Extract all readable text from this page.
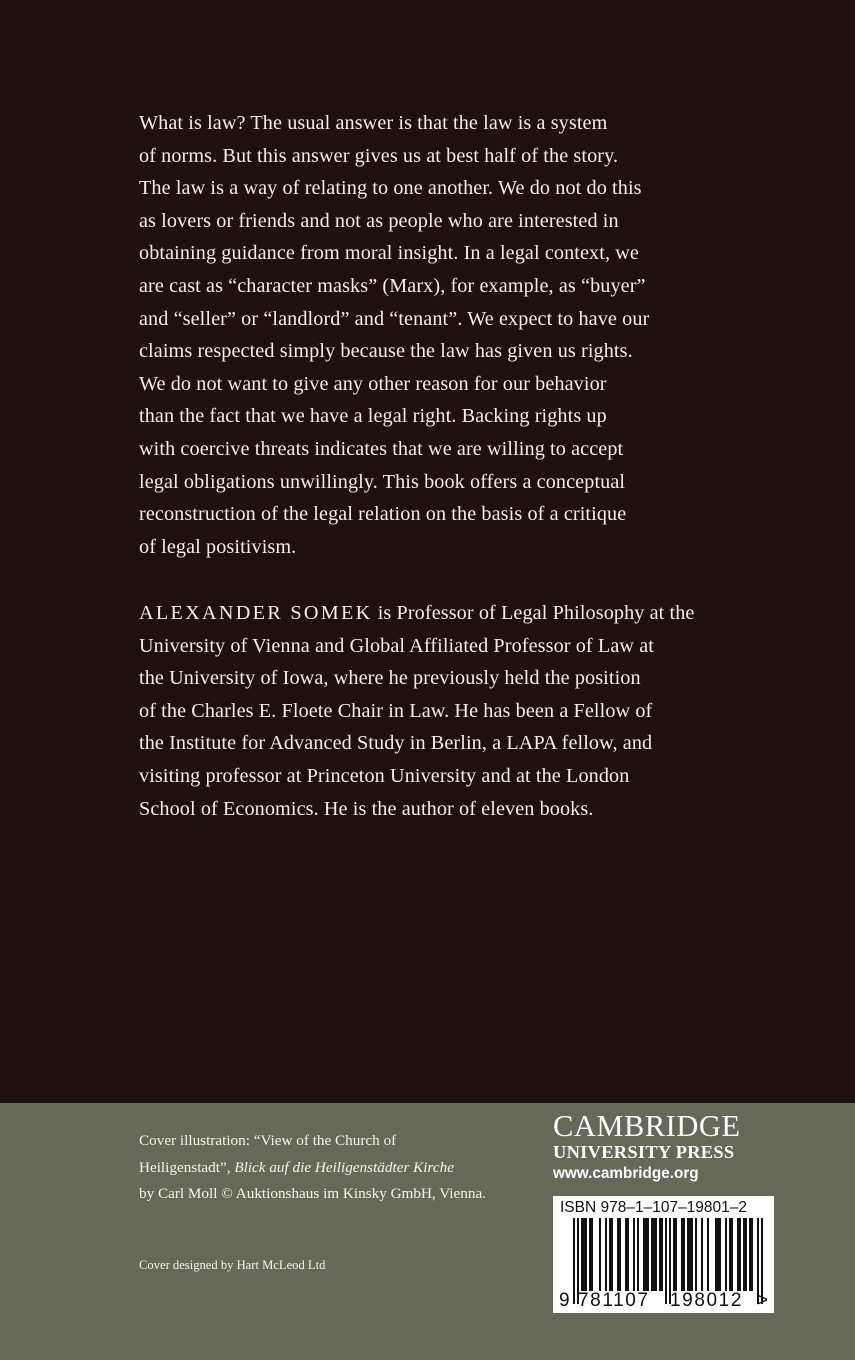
What is law? The usual answer is that the law is a system
of norms. But this answer gives us at best half of the story.
The law is a way of relating to one another. We do not do this
as lovers or friends and not as people who are interested in
obtaining guidance from moral insight. In a legal context, we
are cast as “character masks” (Marx), for example, as “buyer”
and “seller” or “landlord” and “tenant”. We expect to have our
claims respected simply because the law has given us rights.
We do not want to give any other reason for our behavior
than the fact that we have a legal right. Backing rights up
with coercive threats indicates that we are willing to accept
legal obligations unwillingly. This book offers a conceptual
reconstruction of the legal relation on the basis of a critique
of legal positivism.

ALEXANDER SOMEK is Professor of Legal Philosophy at the
University of Vienna and Global Affiliated Professor of Law at
the University of Iowa, where he previously held the position
of the Charles E. Floete Chair in Law. He has been a Fellow of
the Institute for Advanced Study in Berlin, a LAPA fellow, and
visiting professor at Princeton University and at the London
School of Economics. He is the author of eleven books.

Cover illustration: “View of the Church of
Heiligenstadt”, Blick auf die Heiligenstädter Kirche
by Carl Moll © Auktionshaus im Kinsky GmbH, Vienna.

Cover designed by Hart McLeod Ltd

CAMBRIDGE
UNIVERSITY PRESS
www.cambridge.org
ISBN 978–1–107–19801–2
9 781107 198012 >
